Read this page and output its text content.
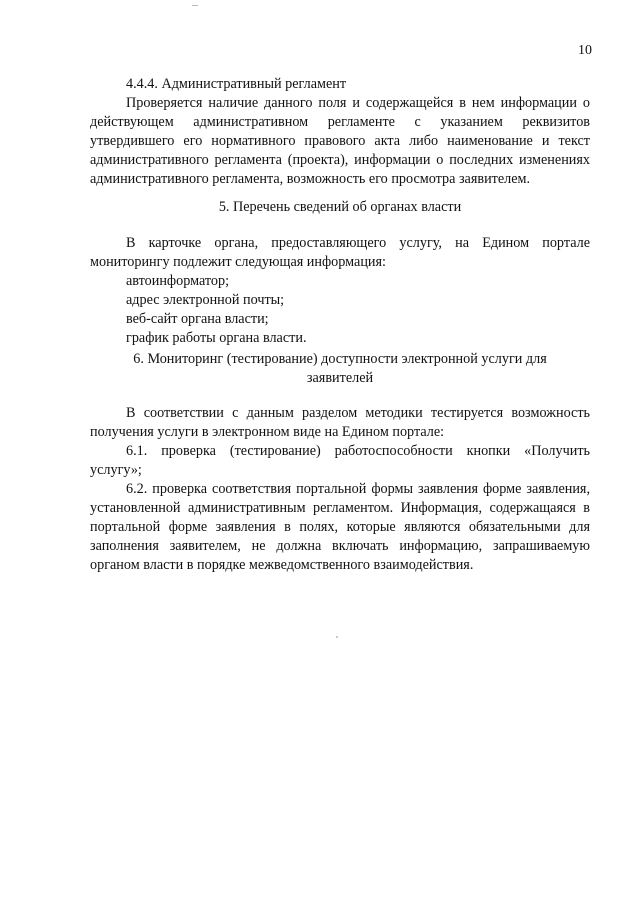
10
4.4.4. Административный регламент

Проверяется наличие данного поля и содержащейся в нем информации о действующем административном регламенте с указанием реквизитов утвердившего его нормативного правового акта либо наименование и текст административного регламента (проекта), информации о последних изменениях административного регламента, возможность его просмотра заявителем.

5. Перечень сведений об органах власти

В карточке органа, предоставляющего услугу, на Едином портале мониторингу подлежит следующая информация:

автоинформатор;
адрес электронной почты;
веб-сайт органа власти;
график работы органа власти.
6. Мониторинг (тестирование) доступности электронной услуги для
заявителей

В соответствии с данным разделом методики тестируется возможность получения услуги в электронном виде на Едином портале:

6.1. проверка (тестирование) работоспособности кнопки «Получить услугу»;

6.2. проверка соответствия портальной формы заявления форме заявления, установленной административным регламентом. Информация, содержащаяся в портальной форме заявления в полях, которые являются обязательными для заполнения заявителем, не должна включать информацию, запрашиваемую органом власти в порядке межведомственного взаимодействия.
